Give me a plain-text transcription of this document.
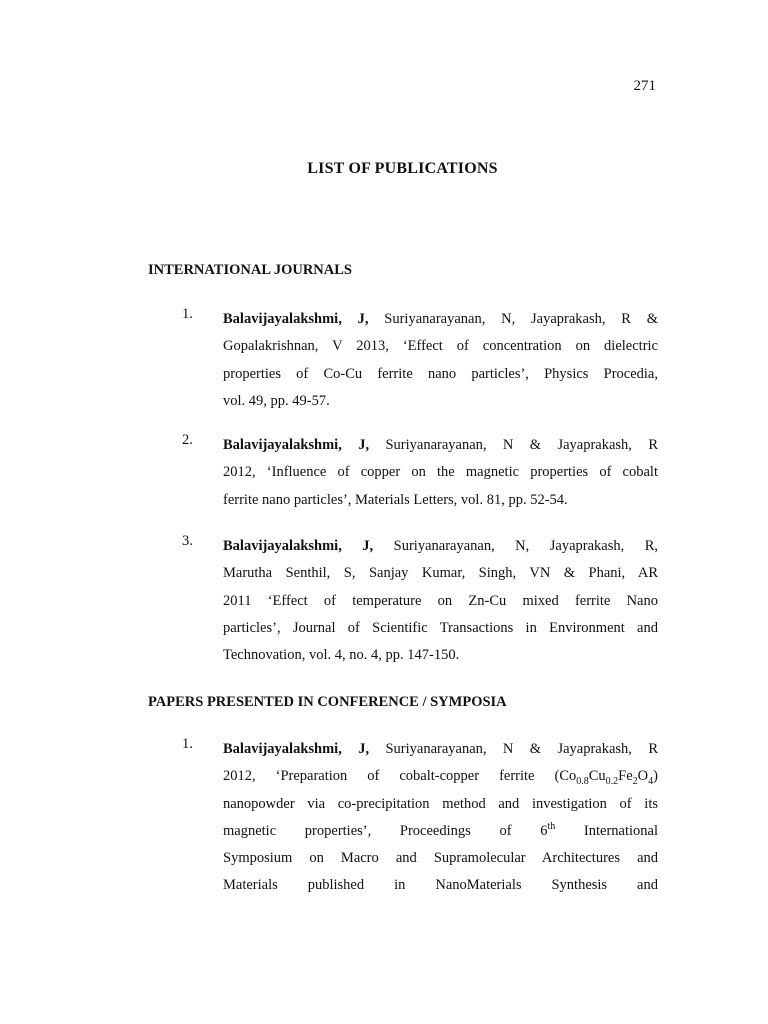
271
LIST OF PUBLICATIONS
INTERNATIONAL JOURNALS
1. Balavijayalakshmi, J, Suriyanarayanan, N, Jayaprakash, R &
Gopalakrishnan, V 2013, ‘Effect of concentration on dielectric
properties of Co-Cu ferrite nano particles’, Physics Procedia,
vol. 49, pp. 49-57.
2. Balavijayalakshmi, J, Suriyanarayanan, N & Jayaprakash, R
2012, ‘Influence of copper on the magnetic properties of cobalt
ferrite nano particles’, Materials Letters, vol. 81, pp. 52-54.
3. Balavijayalakshmi, J, Suriyanarayanan, N, Jayaprakash, R,
Marutha Senthil, S, Sanjay Kumar, Singh, VN & Phani, AR
2011 ‘Effect of temperature on Zn-Cu mixed ferrite Nano
particles’, Journal of Scientific Transactions in Environment and
Technovation, vol. 4, no. 4, pp. 147-150.
PAPERS PRESENTED IN CONFERENCE / SYMPOSIA
1. Balavijayalakshmi, J, Suriyanarayanan, N & Jayaprakash, R
2012, ‘Preparation of cobalt-copper ferrite $(Co_{0.8}Cu_{0.2}Fe_2O_4)$
nanopowder via co-precipitation method and investigation of its
magnetic properties’, Proceedings of 6th International
Symposium on Macro and Supramolecular Architectures and
Materials published in NanoMaterials Synthesis and
